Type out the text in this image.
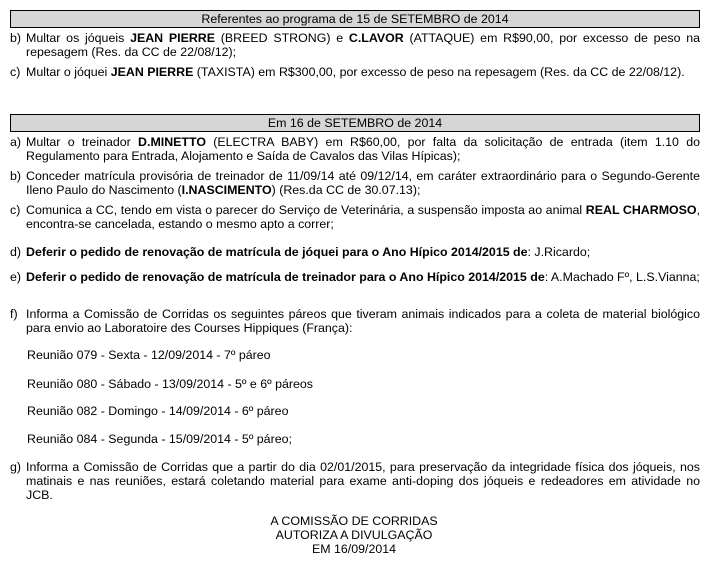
Referentes ao programa de 15 de SETEMBRO de 2014
b) Multar os jóqueis JEAN PIERRE (BREED STRONG) e C.LAVOR (ATTAQUE) em R$90,00, por excesso de peso na repesagem (Res. da CC de 22/08/12);
c) Multar o jóquei JEAN PIERRE (TAXISTA) em R$300,00, por excesso de peso na repesagem (Res. da CC de 22/08/12).
Em 16 de SETEMBRO de 2014
a) Multar o treinador D.MINETTO (ELECTRA BABY) em R$60,00, por falta da solicitação de entrada (item 1.10 do Regulamento para Entrada, Alojamento e Saída de Cavalos das Vilas Hípicas);
b) Conceder matrícula provisória de treinador de 11/09/14 até 09/12/14, em caráter extraordinário para o Segundo-Gerente Ileno Paulo do Nascimento (I.NASCIMENTO) (Res.da CC de 30.07.13);
c) Comunica a CC, tendo em vista o parecer do Serviço de Veterinária, a suspensão imposta ao animal REAL CHARMOSO, encontra-se cancelada, estando o mesmo apto a correr;
d) Deferir o pedido de renovação de matrícula de jóquei para o Ano Hípico 2014/2015 de: J.Ricardo;
e) Deferir o pedido de renovação de matrícula de treinador para o Ano Hípico 2014/2015 de: A.Machado Fº, L.S.Vianna;
f) Informa a Comissão de Corridas os seguintes páreos que tiveram animais indicados para a coleta de material biológico para envio ao Laboratoire des Courses Hippiques (França):
Reunião 079 - Sexta - 12/09/2014 - 7º páreo
Reunião 080 - Sábado - 13/09/2014 - 5º e 6º páreos
Reunião 082 - Domingo - 14/09/2014 - 6º páreo
Reunião 084 - Segunda - 15/09/2014 - 5º páreo;
g) Informa a Comissão de Corridas que a partir do dia 02/01/2015, para preservação da integridade física dos jóqueis, nos matinais e nas reuniões, estará coletando material para exame anti-doping dos jóqueis e redeadores em atividade no JCB.
A COMISSÃO DE CORRIDAS
AUTORIZA A DIVULGAÇÃO
EM 16/09/2014
